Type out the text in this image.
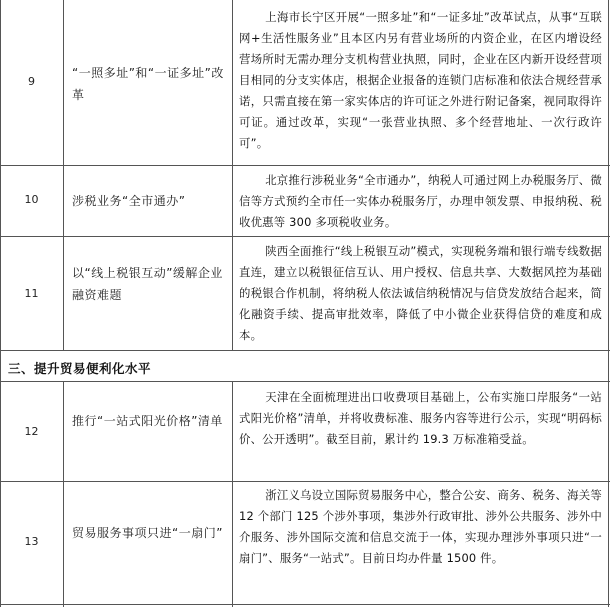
9
“一照多址”和“一证多址”改革
上海市长宁区开展“一照多址”和“一证多址”改革试点，从事“互联网+生活性服务业”且本区内另有营业场所的内资企业，在区内增设经营场所时无需办理分支机构营业执照，同时，企业在区内新开设经营项目相同的分支实体店，根据企业报备的连锁门店标准和依法合规经营承诺，只需直接在第一家实体店的许可证之外进行附记备案，视同取得许可证。通过改革，实现“一张营业执照、多个经营地址、一次行政许可”。
10	涉税业务“全市通办”
北京推行涉税业务“全市通办”，纳税人可通过网上办税服务厅、微信等方式预约全市任一实体办税服务厅，办理申领发票、申报纳税、税收优惠等 300 多项税收业务。
11
以“线上税银互动”缓解企业融资难题
陕西全面推行“线上税银互动”模式，实现税务端和银行端专线数据直连，建立以税银征信互认、用户授权、信息共享、大数据风控为基础的税银合作机制，将纳税人依法诚信纳税情况与信贷发放结合起来，简化融资手续、提高审批效率，降低了中小微企业获得信贷的难度和成本。
三、提升贸易便利化水平
12
推行“一站式阳光价格”清单
天津在全面梳理进出口收费项目基础上，公布实施口岸服务“一站式阳光价格”清单，并将收费标准、服务内容等进行公示，实现“明码标价、公开透明”。截至目前，累计约 19.3 万标准箱受益。
13
贸易服务事项只进“一扇门”
浙江义乌设立国际贸易服务中心，整合公安、商务、税务、海关等 12 个部门 125 个涉外事项，集涉外行政审批、涉外公共服务、涉外中介服务、涉外国际交流和信息交流于一体，实现办理涉外事项只进“一扇门”、服务“一站式”。目前日均办件量 1500 件。
